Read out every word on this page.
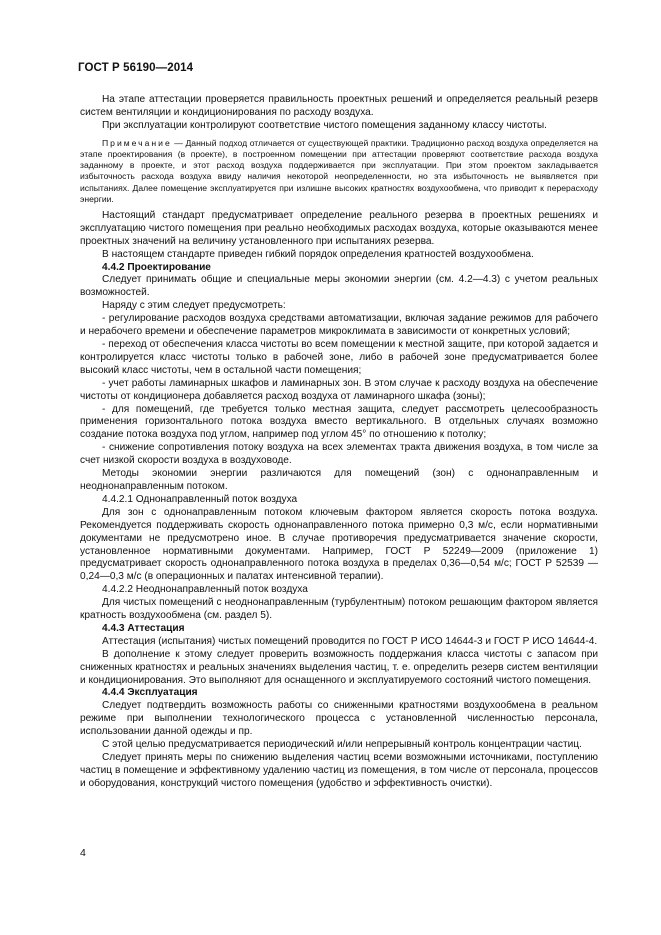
ГОСТ Р 56190—2014

На этапе аттестации проверяется правильность проектных решений и определяется реальный резерв систем вентиляции и кондиционирования по расходу воздуха.

При эксплуатации контролируют соответствие чистого помещения заданному классу чистоты.

Примечание — Данный подход отличается от существующей практики. Традиционно расход воздуха определяется на этапе проектирования (в проекте), в построенном помещении при аттестации проверяют соответствие расхода воздуха заданному в проекте, и этот расход воздуха поддерживается при эксплуатации. При этом проектом закладывается избыточность расхода воздуха ввиду наличия некоторой неопределенности, но эта избыточность не выявляется при испытаниях. Далее помещение эксплуатируется при излишне высоких кратностях воздухообмена, что приводит к перерасходу энергии.

Настоящий стандарт предусматривает определение реального резерва в проектных решениях и эксплуатацию чистого помещения при реально необходимых расходах воздуха, которые оказываются менее проектных значений на величину установленного при испытаниях резерва.

В настоящем стандарте приведен гибкий порядок определения кратностей воздухообмена.

4.4.2 Проектирование

Следует принимать общие и специальные меры экономии энергии (см. 4.2—4.3) с учетом реальных возможностей.

Наряду с этим следует предусмотреть:

- регулирование расходов воздуха средствами автоматизации, включая задание режимов для рабочего и нерабочего времени и обеспечение параметров микроклимата в зависимости от конкретных условий;

- переход от обеспечения класса чистоты во всем помещении к местной защите, при которой задается и контролируется класс чистоты только в рабочей зоне, либо в рабочей зоне предусматривается более высокий класс чистоты, чем в остальной части помещения;

- учет работы ламинарных шкафов и ламинарных зон. В этом случае к расходу воздуха на обеспечение чистоты от кондиционера добавляется расход воздуха от ламинарного шкафа (зоны);

- для помещений, где требуется только местная защита, следует рассмотреть целесообразность применения горизонтального потока воздуха вместо вертикального. В отдельных случаях возможно создание потока воздуха под углом, например под углом 45° по отношению к потолку;

- снижение сопротивления потоку воздуха на всех элементах тракта движения воздуха, в том числе за счет низкой скорости воздуха в воздуховоде.

Методы экономии энергии различаются для помещений (зон) с однонаправленным и неоднонаправленным потоком.

4.4.2.1 Однонаправленный поток воздуха

Для зон с однонаправленным потоком ключевым фактором является скорость потока воздуха. Рекомендуется поддерживать скорость однонаправленного потока примерно 0,3 м/с, если нормативными документами не предусмотрено иное. В случае противоречия предусматривается значение скорости, установленное нормативными документами. Например, ГОСТ Р 52249—2009 (приложение 1) предусматривает скорость однонаправленного потока воздуха в пределах 0,36—0,54 м/с; ГОСТ Р 52539 — 0,24—0,3 м/с (в операционных и палатах интенсивной терапии).

4.4.2.2 Неоднонаправленный поток воздуха

Для чистых помещений с неоднонаправленным (турбулентным) потоком решающим фактором является кратность воздухообмена (см. раздел 5).

4.4.3 Аттестация

Аттестация (испытания) чистых помещений проводится по ГОСТ Р ИСО 14644-3 и ГОСТ Р ИСО 14644-4.

В дополнение к этому следует проверить возможность поддержания класса чистоты с запасом при сниженных кратностях и реальных значениях выделения частиц, т. е. определить резерв систем вентиляции и кондиционирования. Это выполняют для оснащенного и эксплуатируемого состояний чистого помещения.

4.4.4 Эксплуатация

Следует подтвердить возможность работы со сниженными кратностями воздухообмена в реальном режиме при выполнении технологического процесса с установленной численностью персонала, использовании данной одежды и пр.

С этой целью предусматривается периодический и/или непрерывный контроль концентрации частиц.

Следует принять меры по снижению выделения частиц всеми возможными источниками, поступлению частиц в помещение и эффективному удалению частиц из помещения, в том числе от персонала, процессов и оборудования, конструкций чистого помещения (удобство и эффективность очистки).

4
